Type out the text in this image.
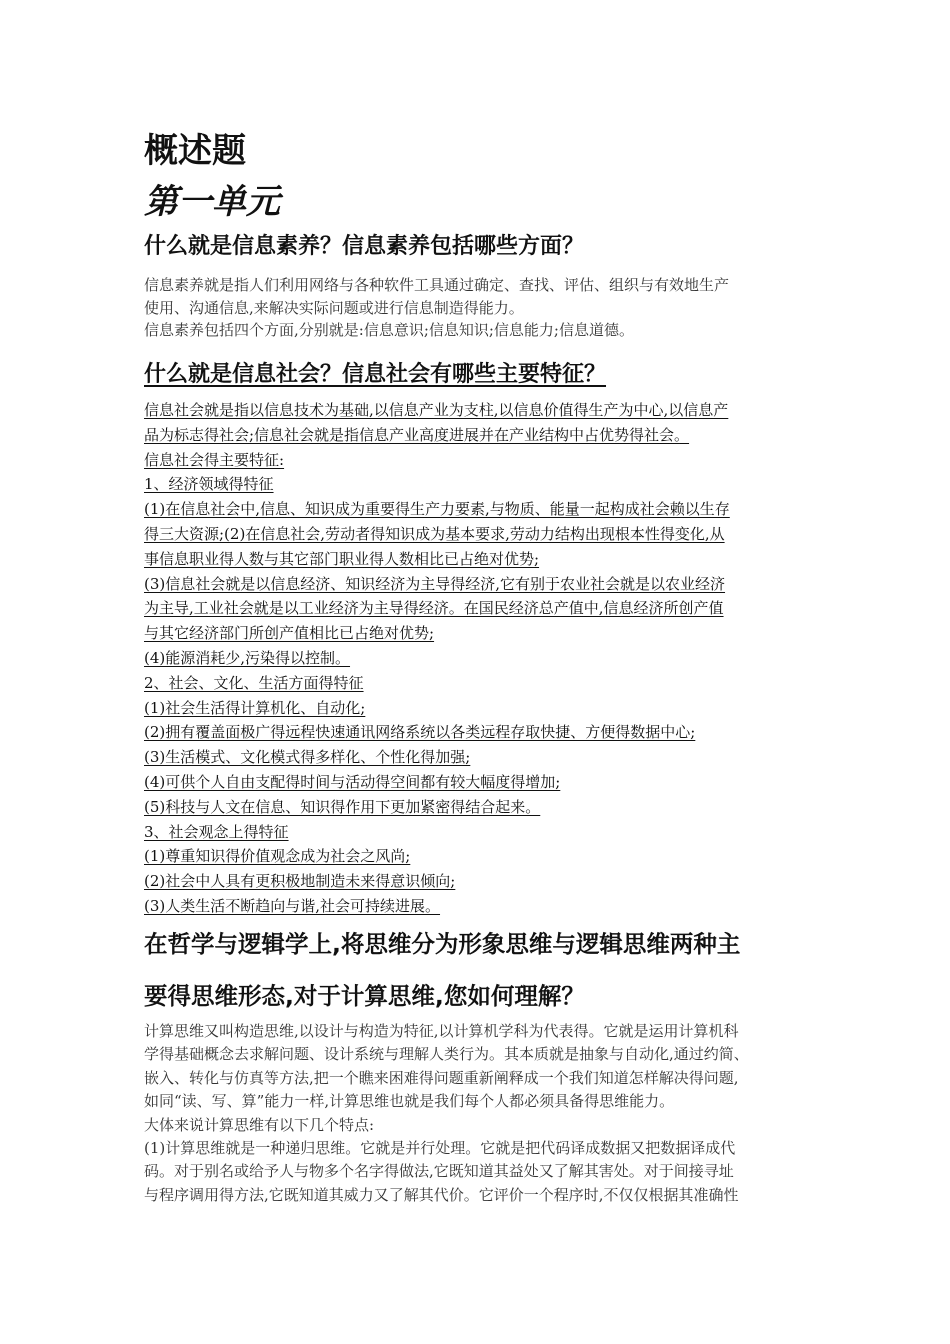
概述题
第一单元
什么就是信息素养？信息素养包括哪些方面？
信息素养就是指人们利用网络与各种软件工具通过确定、查找、评估、组织与有效地生产
使用、沟通信息,来解决实际问题或进行信息制造得能力。
信息素养包括四个方面,分别就是:信息意识;信息知识;信息能力;信息道德。
什么就是信息社会？信息社会有哪些主要特征？
信息社会就是指以信息技术为基础,以信息产业为支柱,以信息价值得生产为中心,以信息产
品为标志得社会;信息社会就是指信息产业高度进展并在产业结构中占优势得社会。
信息社会得主要特征:
1、经济领域得特征
(1)在信息社会中,信息、知识成为重要得生产力要素,与物质、能量一起构成社会赖以生存
得三大资源;(2)在信息社会,劳动者得知识成为基本要求,劳动力结构出现根本性得变化,从
事信息职业得人数与其它部门职业得人数相比已占绝对优势;
(3)信息社会就是以信息经济、知识经济为主导得经济,它有别于农业社会就是以农业经济
为主导,工业社会就是以工业经济为主导得经济。在国民经济总产值中,信息经济所创产值
与其它经济部门所创产值相比已占绝对优势;
(4)能源消耗少,污染得以控制。
2、社会、文化、生活方面得特征
(1)社会生活得计算机化、自动化;
(2)拥有覆盖面极广得远程快速通讯网络系统以各类远程存取快捷、方便得数据中心;
(3)生活模式、文化模式得多样化、个性化得加强;
(4)可供个人自由支配得时间与活动得空间都有较大幅度得增加;
(5)科技与人文在信息、知识得作用下更加紧密得结合起来。
3、社会观念上得特征
(1)尊重知识得价值观念成为社会之风尚;
(2)社会中人具有更积极地制造未来得意识倾向;
(3)人类生活不断趋向与谐,社会可持续进展。
在哲学与逻辑学上,将思维分为形象思维与逻辑思维两种主
要得思维形态,对于计算思维,您如何理解？
计算思维又叫构造思维,以设计与构造为特征,以计算机学科为代表得。它就是运用计算机科
学得基础概念去求解问题、设计系统与理解人类行为。其本质就是抽象与自动化,通过约简、
嵌入、转化与仿真等方法,把一个瞧来困难得问题重新阐释成一个我们知道怎样解决得问题,
如同“读、写、算”能力一样,计算思维也就是我们每个人都必须具备得思维能力。
大体来说计算思维有以下几个特点:
(1)计算思维就是一种递归思维。它就是并行处理。它就是把代码译成数据又把数据译成代
码。对于别名或给予人与物多个名字得做法,它既知道其益处又了解其害处。对于间接寻址
与程序调用得方法,它既知道其威力又了解其代价。它评价一个程序时,不仅仅根据其准确性
